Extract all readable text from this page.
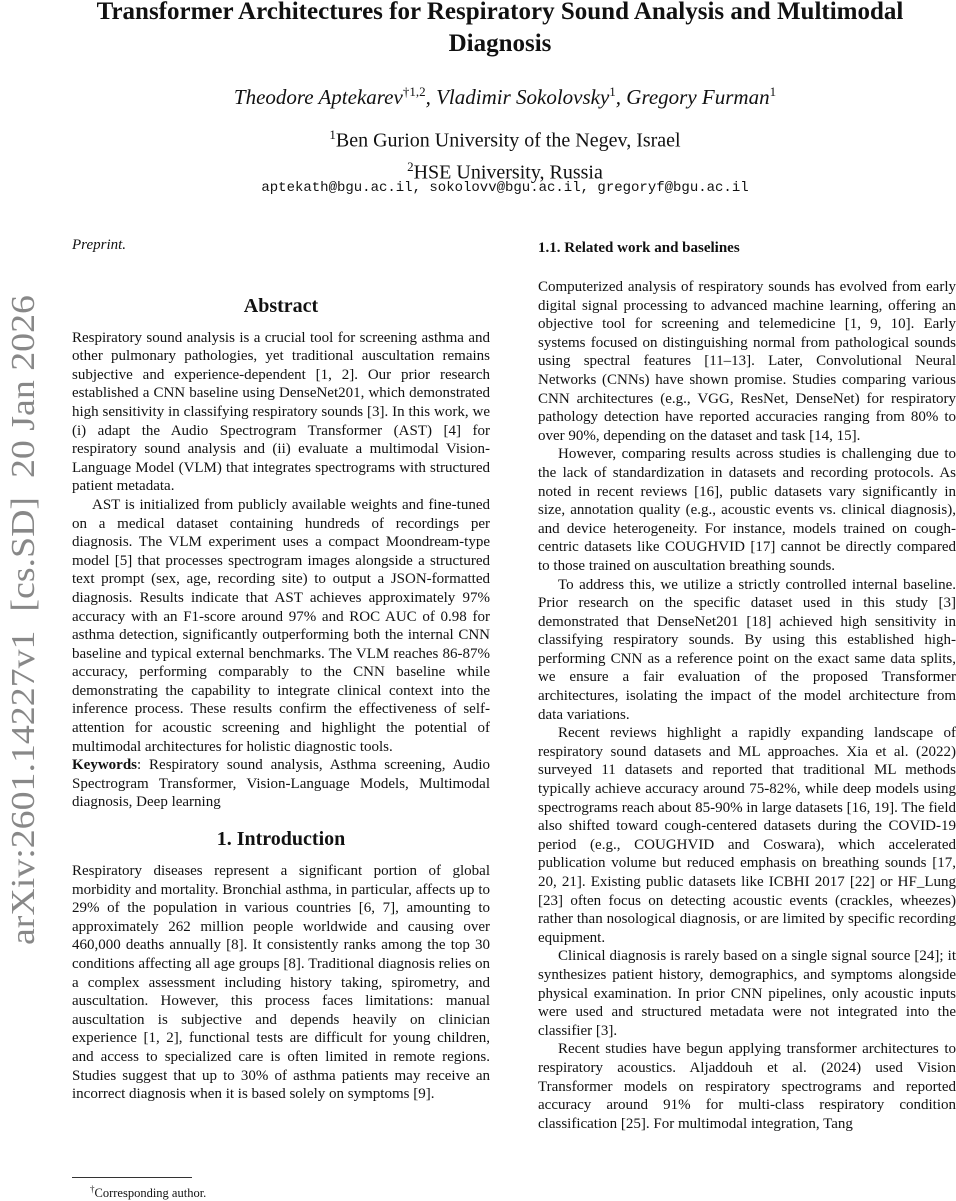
Transformer Architectures for Respiratory Sound Analysis and Multimodal Diagnosis
Theodore Aptekarev$^{\dagger 1,2}$, Vladimir Sokolovsky$^1$, Gregory Furman$^1$
$^1$Ben Gurion University of the Negev, Israel
$^2$HSE University, Russia
aptekath@bgu.ac.il, sokolovv@bgu.ac.il, gregoryf@bgu.ac.il
arXiv:2601.14227v1  [cs.SD]  20 Jan 2026

Preprint.

Abstract

Respiratory sound analysis is a crucial tool for screening asthma and other pulmonary pathologies, yet traditional auscultation remains subjective and experience-dependent [1, 2]. Our prior research established a CNN baseline using DenseNet201, which demonstrated high sensitivity in classifying respiratory sounds [3]. In this work, we (i) adapt the Audio Spectrogram Transformer (AST) [4] for respiratory sound analysis and (ii) evaluate a multimodal Vision-Language Model (VLM) that integrates spectrograms with structured patient metadata.

AST is initialized from publicly available weights and fine-tuned on a medical dataset containing hundreds of recordings per diagnosis. The VLM experiment uses a compact Moondream-type model [5] that processes spectrogram images alongside a structured text prompt (sex, age, recording site) to output a JSON-formatted diagnosis. Results indicate that AST achieves approximately 97% accuracy with an F1-score around 97% and ROC AUC of 0.98 for asthma detection, significantly outperforming both the internal CNN baseline and typical external benchmarks. The VLM reaches 86-87% accuracy, performing comparably to the CNN baseline while demonstrating the capability to integrate clinical context into the inference process. These results confirm the effectiveness of self-attention for acoustic screening and highlight the potential of multimodal architectures for holistic diagnostic tools.

Keywords: Respiratory sound analysis, Asthma screening, Audio Spectrogram Transformer, Vision-Language Models, Multimodal diagnosis, Deep learning

1. Introduction

Respiratory diseases represent a significant portion of global morbidity and mortality. Bronchial asthma, in particular, affects up to 29% of the population in various countries [6, 7], amounting to approximately 262 million people worldwide and causing over 460,000 deaths annually [8]. It consistently ranks among the top 30 conditions affecting all age groups [8]. Traditional diagnosis relies on a complex assessment including history taking, spirometry, and auscultation. However, this process faces limitations: manual auscultation is subjective and depends heavily on clinician experience [1, 2], functional tests are difficult for young children, and access to specialized care is often limited in remote regions. Studies suggest that up to 30% of asthma patients may receive an incorrect diagnosis when it is based solely on symptoms [9].

1.1. Related work and baselines

Computerized analysis of respiratory sounds has evolved from early digital signal processing to advanced machine learning, offering an objective tool for screening and telemedicine [1, 9, 10]. Early systems focused on distinguishing normal from pathological sounds using spectral features [11–13]. Later, Convolutional Neural Networks (CNNs) have shown promise. Studies comparing various CNN architectures (e.g., VGG, ResNet, DenseNet) for respiratory pathology detection have reported accuracies ranging from 80% to over 90%, depending on the dataset and task [14, 15].

However, comparing results across studies is challenging due to the lack of standardization in datasets and recording protocols. As noted in recent reviews [16], public datasets vary significantly in size, annotation quality (e.g., acoustic events vs. clinical diagnosis), and device heterogeneity. For instance, models trained on cough-centric datasets like COUGHVID [17] cannot be directly compared to those trained on auscultation breathing sounds.

To address this, we utilize a strictly controlled internal baseline. Prior research on the specific dataset used in this study [3] demonstrated that DenseNet201 [18] achieved high sensitivity in classifying respiratory sounds. By using this established high-performing CNN as a reference point on the exact same data splits, we ensure a fair evaluation of the proposed Transformer architectures, isolating the impact of the model architecture from data variations.

Recent reviews highlight a rapidly expanding landscape of respiratory sound datasets and ML approaches. Xia et al. (2022) surveyed 11 datasets and reported that traditional ML methods typically achieve accuracy around 75-82%, while deep models using spectrograms reach about 85-90% in large datasets [16, 19]. The field also shifted toward cough-centered datasets during the COVID-19 period (e.g., COUGHVID and Coswara), which accelerated publication volume but reduced emphasis on breathing sounds [17, 20, 21]. Existing public datasets like ICBHI 2017 [22] or HF_Lung [23] often focus on detecting acoustic events (crackles, wheezes) rather than nosological diagnosis, or are limited by specific recording equipment.

Clinical diagnosis is rarely based on a single signal source [24]; it synthesizes patient history, demographics, and symptoms alongside physical examination. In prior CNN pipelines, only acoustic inputs were used and structured metadata were not integrated into the classifier [3].

Recent studies have begun applying transformer architectures to respiratory acoustics. Aljaddouh et al. (2024) used Vision Transformer models on respiratory spectrograms and reported accuracy around 91% for multi-class respiratory condition classification [25]. For multimodal integration, Tang

†Corresponding author.
